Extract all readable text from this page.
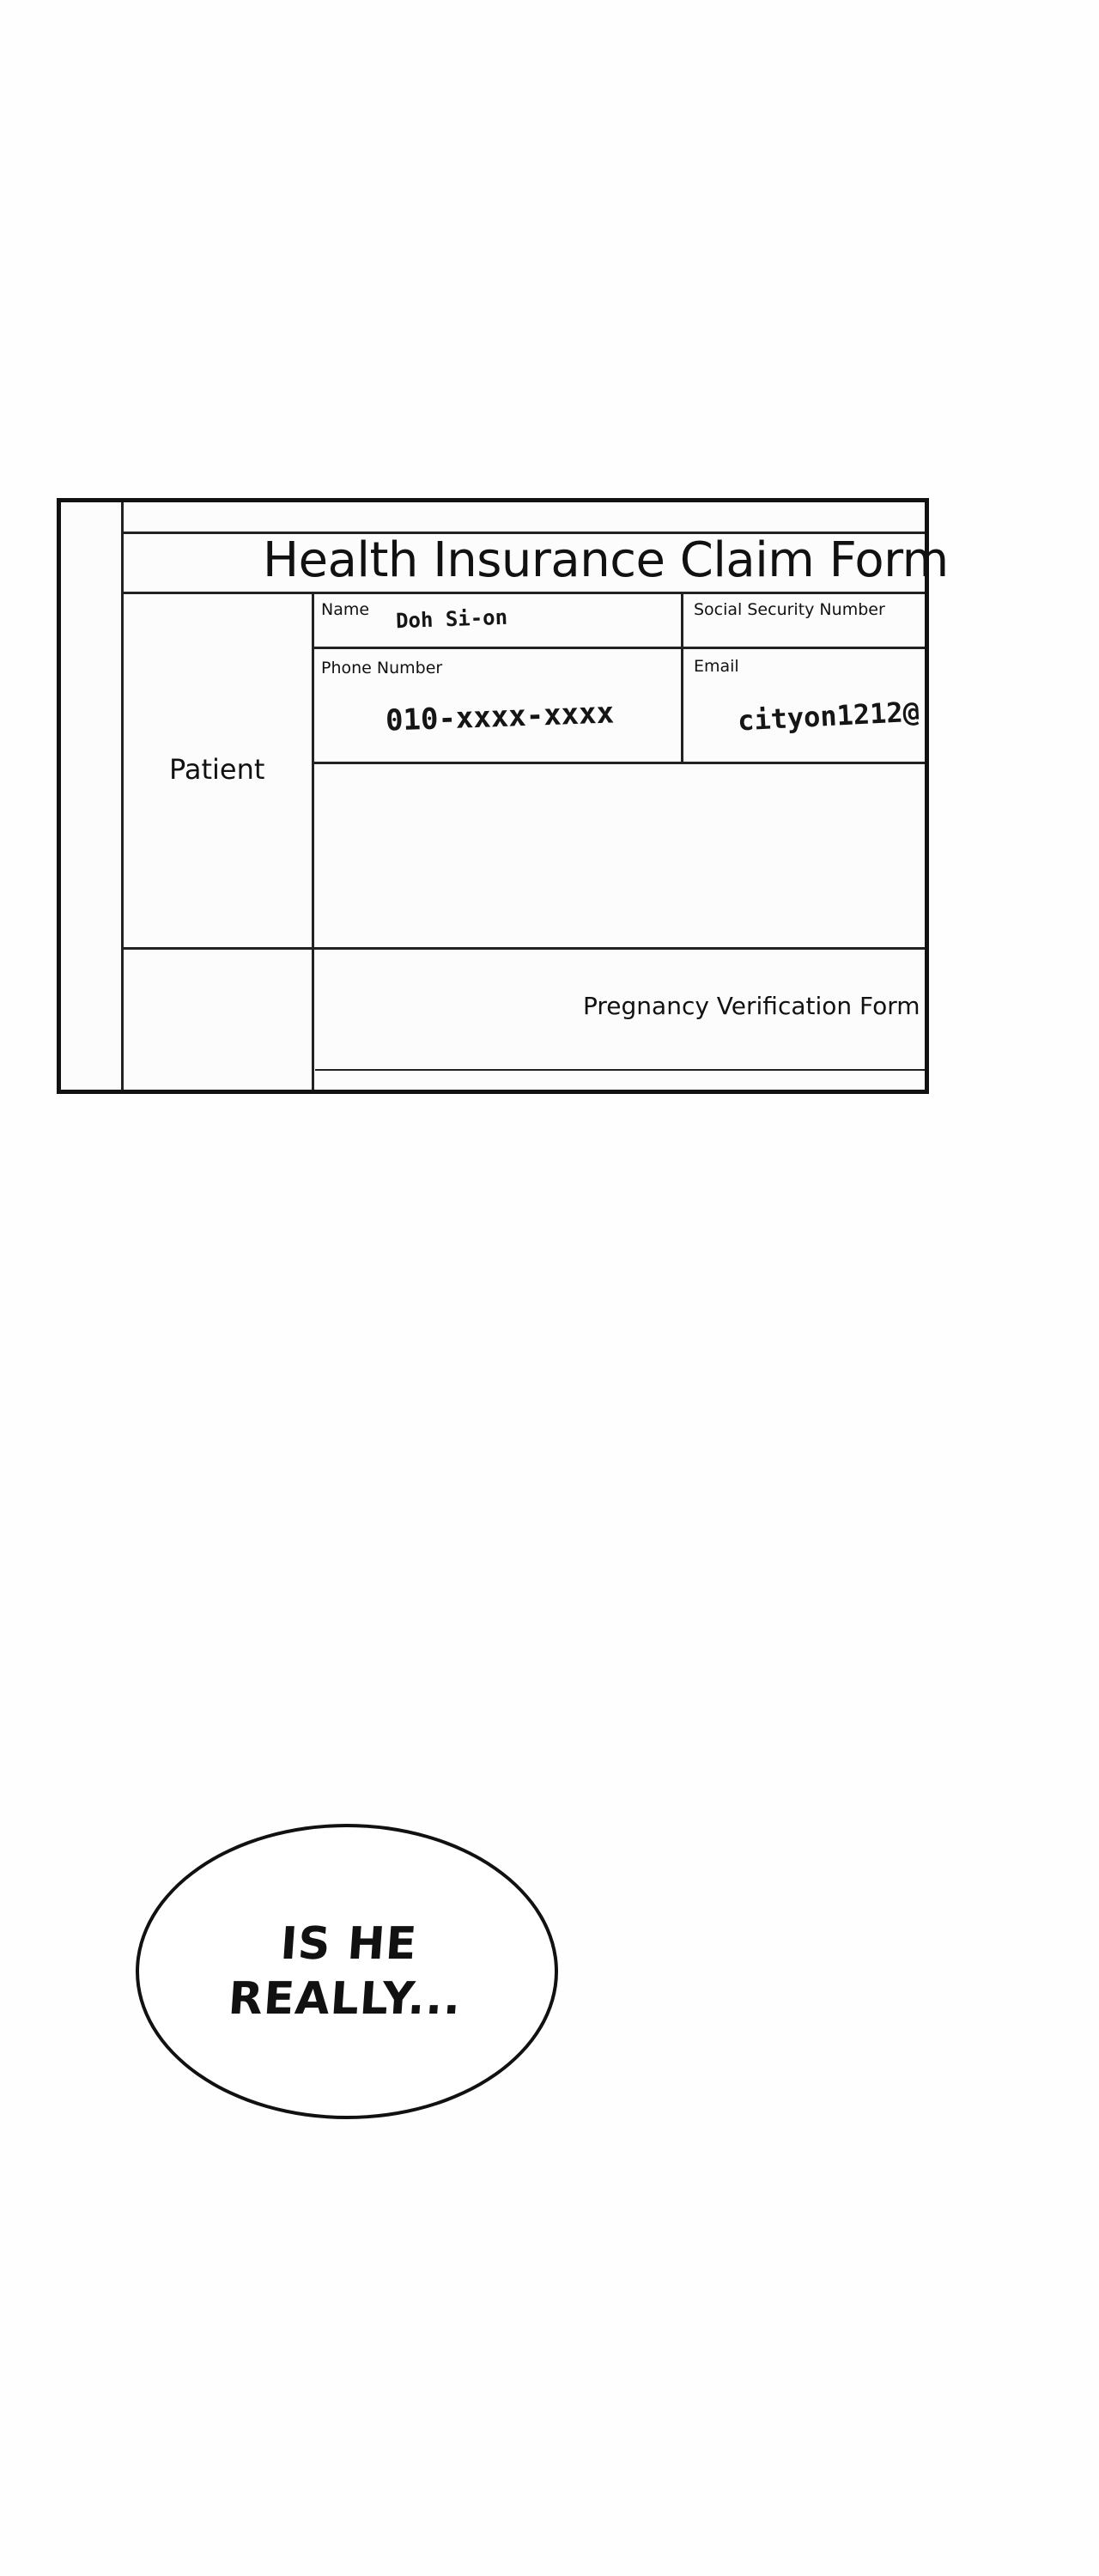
Health Insurance Claim Form
Name Doh Si-on	Social Security Number
Phone Number
010-xxxx-xxxx
Email
cityon1212@
Patient
Pregnancy Verification Form
IS HE REALLY...
